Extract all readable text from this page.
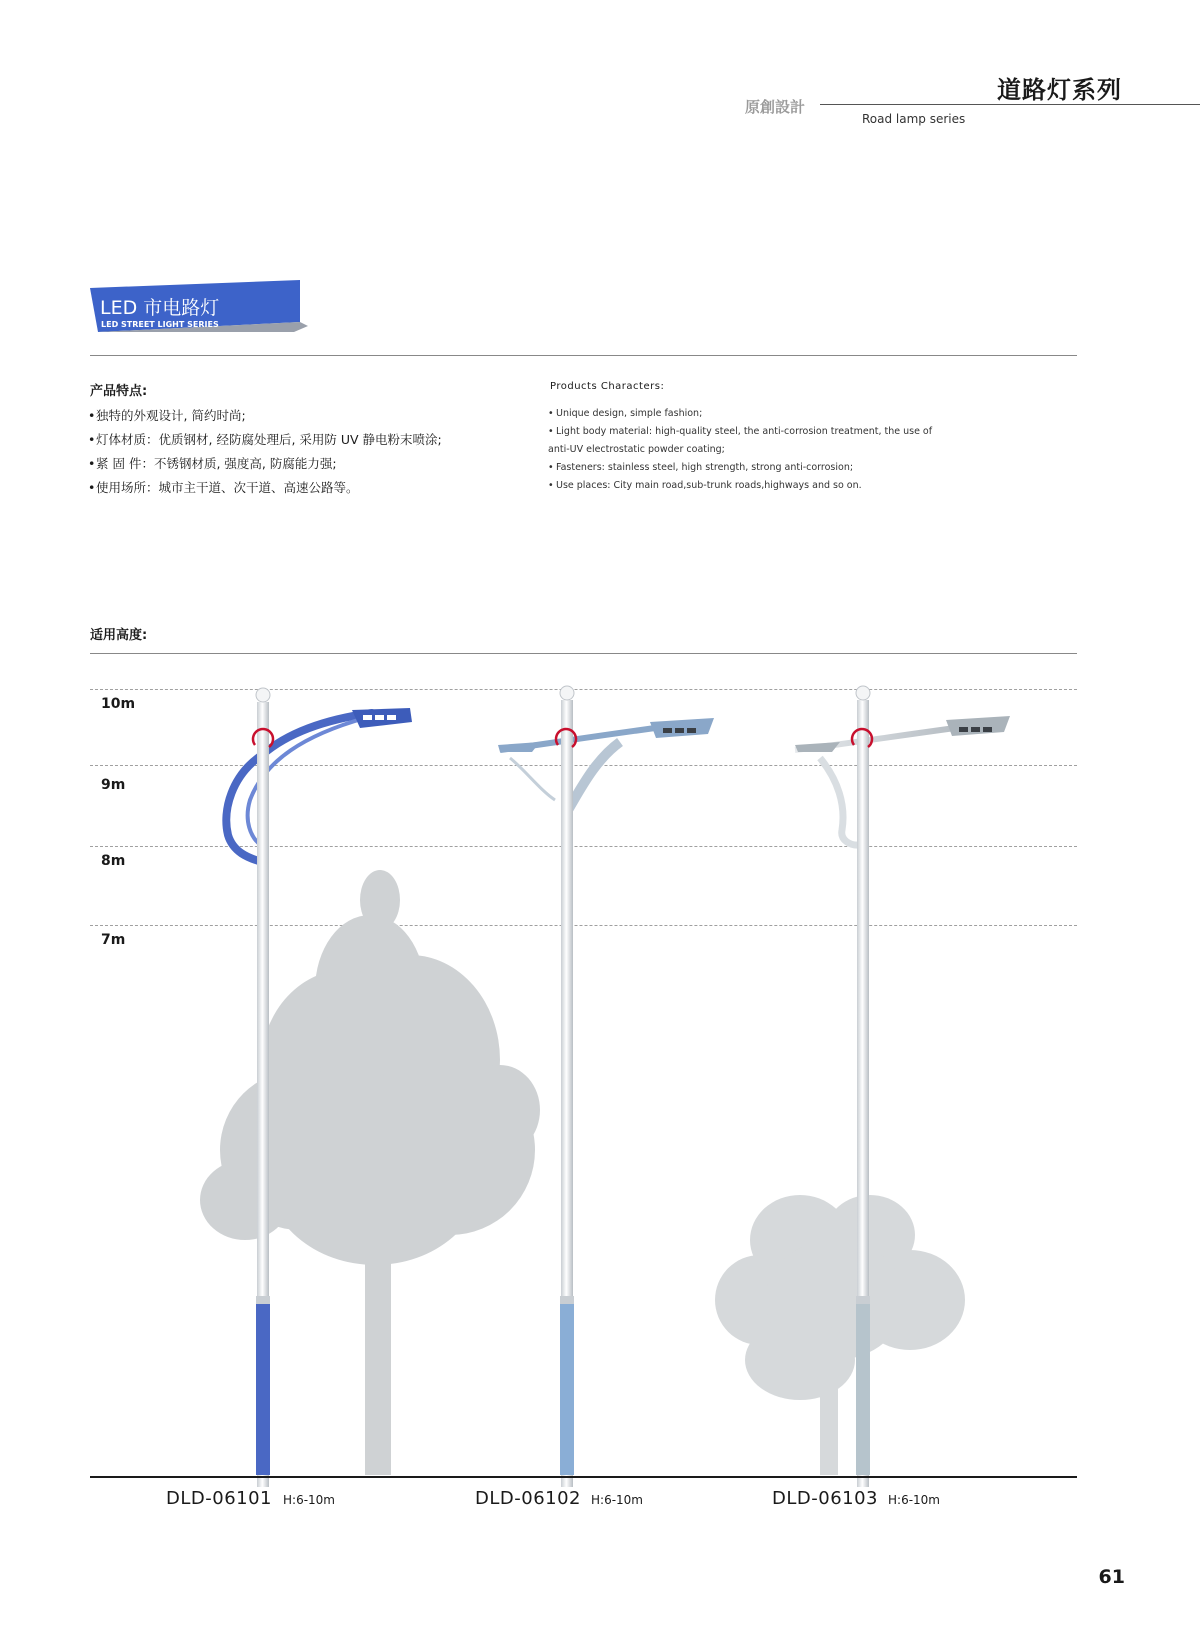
道路灯系列
原創設計
Road lamp series
LED 市电路灯
LED STREET LIGHT SERIES
产品特点:
•独特的外观设计, 简约时尚;
•灯体材质：优质钢材, 经防腐处理后, 采用防 UV 静电粉末喷涂;
•紧 固 件：不锈钢材质, 强度高, 防腐能力强;
•使用场所：城市主干道、次干道、高速公路等。
Products Characters:
• Unique design, simple fashion;
• Light body material: high-quality steel, the anti-corrosion treatment, the use of anti-UV electrostatic powder coating;
• Fasteners: stainless steel, high strength, strong anti-corrosion;
• Use places: City main road,sub-trunk roads,highways and so on.
适用高度:
10m
9m
8m
7m
DLD-06101 H:6-10m	DLD-06102 H:6-10m	DLD-06103 H:6-10m
61
